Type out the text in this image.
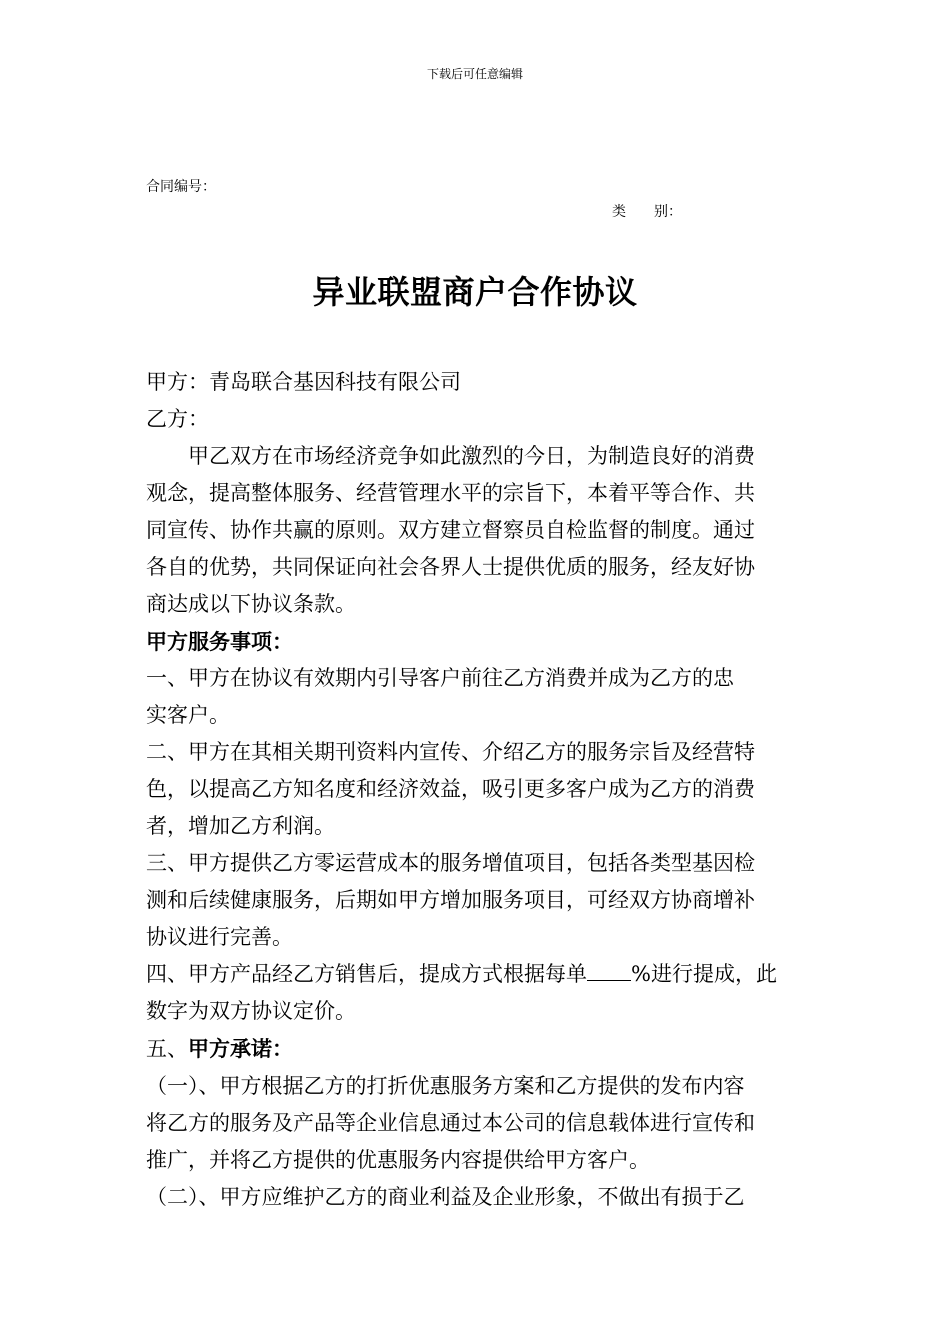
下载后可任意编辑
合同编号：
类　　别：
异业联盟商户合作协议

甲方：青岛联合基因科技有限公司

乙方：

甲乙双方在市场经济竞争如此激烈的今日，为制造良好的消费

观念，提高整体服务、经营管理水平的宗旨下，本着平等合作、共

同宣传、协作共赢的原则。双方建立督察员自检监督的制度。通过

各自的优势，共同保证向社会各界人士提供优质的服务，经友好协

商达成以下协议条款。

甲方服务事项：

一、甲方在协议有效期内引导客户前往乙方消费并成为乙方的忠

实客户。

二、甲方在其相关期刊资料内宣传、介绍乙方的服务宗旨及经营特

色，以提高乙方知名度和经济效益，吸引更多客户成为乙方的消费

者，增加乙方利润。

三、甲方提供乙方零运营成本的服务增值项目，包括各类型基因检

测和后续健康服务，后期如甲方增加服务项目，可经双方协商增补

协议进行完善。

四、甲方产品经乙方销售后，提成方式根据每单 %进行提成，此

数字为双方协议定价。

五、甲方承诺：

（一）、甲方根据乙方的打折优惠服务方案和乙方提供的发布内容

将乙方的服务及产品等企业信息通过本公司的信息载体进行宣传和

推广，并将乙方提供的优惠服务内容提供给甲方客户。

（二）、甲方应维护乙方的商业利益及企业形象，不做出有损于乙
